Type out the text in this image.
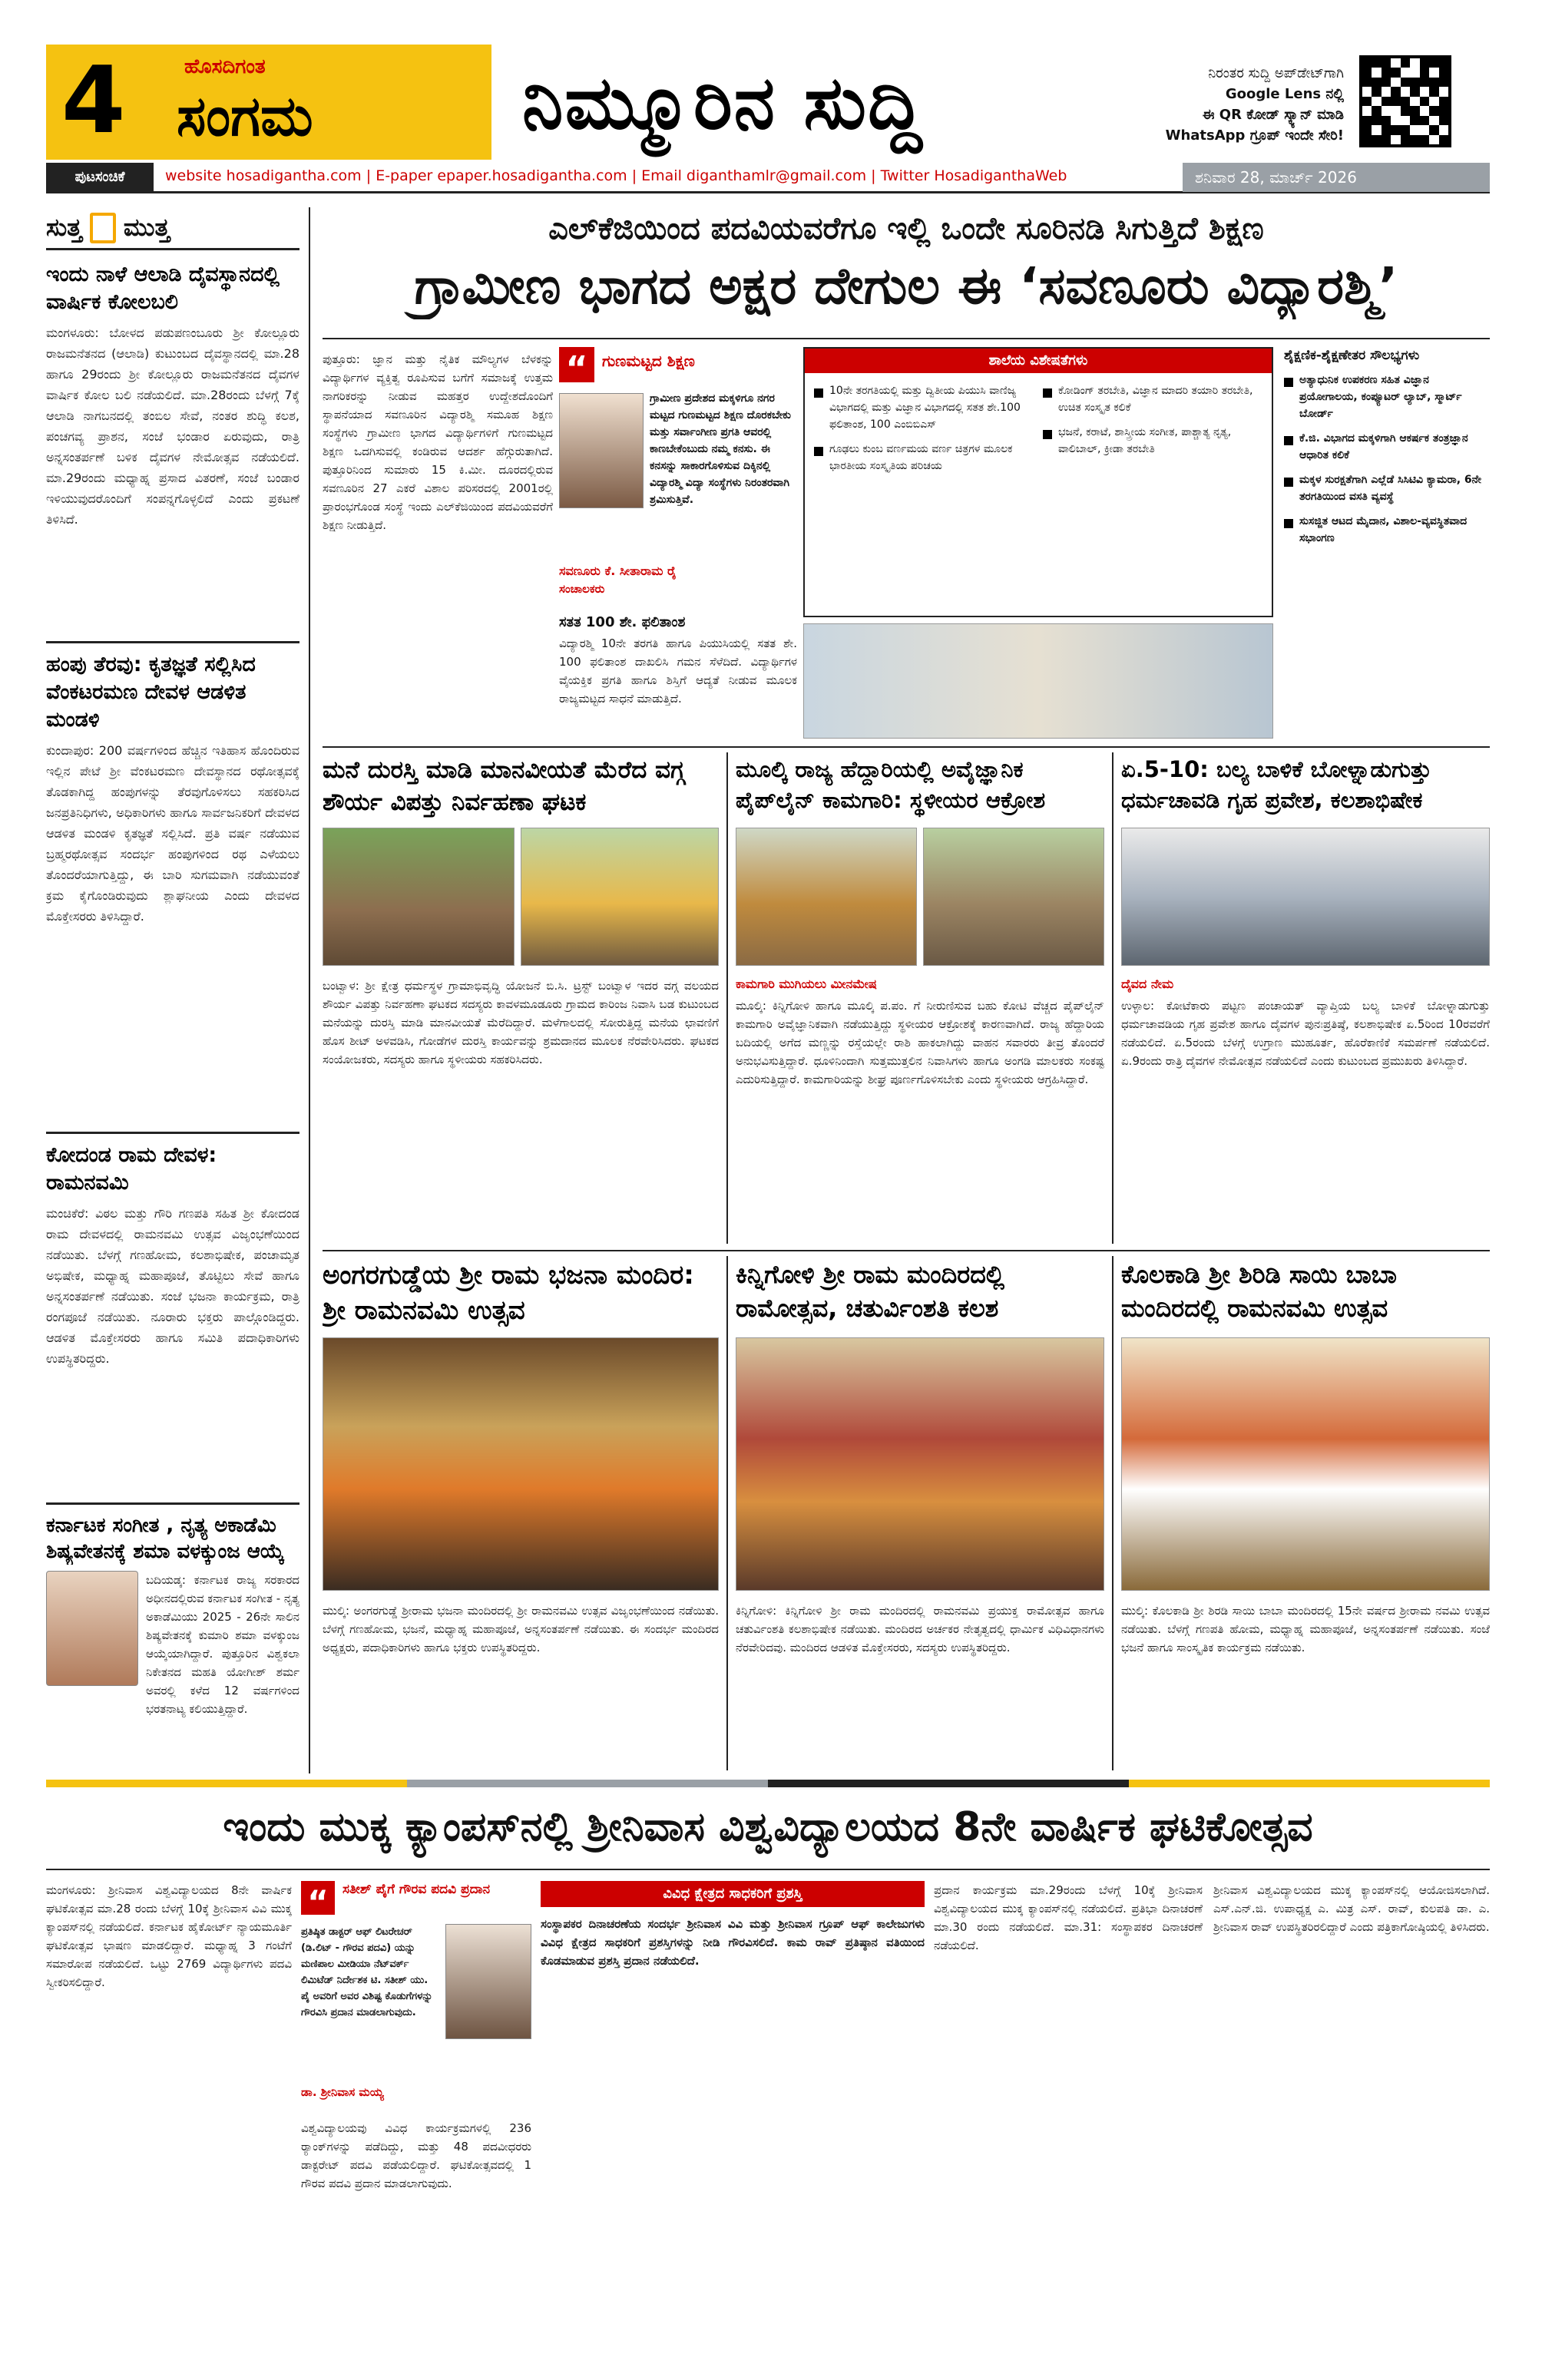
4	ಹೊಸದಿಗಂತ
ಸಂಗಮ	ನಿಮ್ಮೂರಿನ ಸುದ್ದಿ	ನಿರಂತರ ಸುದ್ದಿ ಅಪ್‌ಡೇಟ್‌ಗಾಗಿ
Google Lens ನಲ್ಲಿ
ಈ QR ಕೋಡ್ ಸ್ಕ್ಯಾನ್ ಮಾಡಿ
WhatsApp ಗ್ರೂಪ್ ಇಂದೇ ಸೇರಿ!
ಪುಟಸಂಚಿಕೆ	website hosadigantha.com | E-paper epaper.hosadigantha.com | Email diganthamlr@gmail.com | Twitter HosadiganthaWeb	ಶನಿವಾರ 28, ಮಾರ್ಚ್ 2026
ಸುತ್ತ ಮುತ್ತ
ಇಂದು ನಾಳೆ ಆಲಾಡಿ ದೈವಸ್ಥಾನದಲ್ಲಿ ವಾರ್ಷಿಕ ಕೋಲಬಲಿ
ಮಂಗಳೂರು: ಬೋಳದ ಪಡುಪಣಂಬೂರು ಶ್ರೀ ಕೋಲ್ಲೂರು ರಾಜಮನೆತನದ (ಆಲಾಡಿ) ಕುಟುಂಬದ ದೈವಸ್ಥಾನದಲ್ಲಿ ಮಾ.28 ಹಾಗೂ 29ರಂದು ಶ್ರೀ ಕೋಲ್ಲೂರು ರಾಜಮನೆತನದ ದೈವಗಳ ವಾರ್ಷಿಕ ಕೋಲ ಬಲಿ ನಡೆಯಲಿದೆ. ಮಾ.28ರಂದು ಬೆಳಗ್ಗೆ 7ಕ್ಕೆ ಆಲಾಡಿ ನಾಗಬನದಲ್ಲಿ ತಂಬಿಲ ಸೇವೆ, ನಂತರ ಶುದ್ಧಿ ಕಲಶ, ಪಂಚಗವ್ಯ ಪ್ರಾಶನ, ಸಂಜೆ ಭಂಡಾರ ಏರುವುದು, ರಾತ್ರಿ ಅನ್ನಸಂತರ್ಪಣೆ ಬಳಿಕ ದೈವಗಳ ನೇಮೋತ್ಸವ ನಡೆಯಲಿದೆ. ಮಾ.29ರಂದು ಮಧ್ಯಾಹ್ನ ಪ್ರಸಾದ ವಿತರಣೆ, ಸಂಜೆ ಬಂಡಾರ ಇಳಿಯುವುದರೊಂದಿಗೆ ಸಂಪನ್ನಗೊಳ್ಳಲಿದೆ ಎಂದು ಪ್ರಕಟಣೆ ತಿಳಿಸಿದೆ.
ಹಂಪು ತೆರವು: ಕೃತಜ್ಞತೆ ಸಲ್ಲಿಸಿದ ವೆಂಕಟರಮಣ ದೇವಳ ಆಡಳಿತ ಮಂಡಳಿ
ಕುಂದಾಪುರ: 200 ವರ್ಷಗಳಿಂದ ಹೆಚ್ಚಿನ ಇತಿಹಾಸ ಹೊಂದಿರುವ ಇಲ್ಲಿನ ಪೇಟೆ ಶ್ರೀ ವೆಂಕಟರಮಣ ದೇವಸ್ಥಾನದ ರಥೋತ್ಸವಕ್ಕೆ ತೊಡಕಾಗಿದ್ದ ಹಂಪುಗಳನ್ನು ತೆರವುಗೊಳಿಸಲು ಸಹಕರಿಸಿದ ಜನಪ್ರತಿನಿಧಿಗಳು, ಅಧಿಕಾರಿಗಳು ಹಾಗೂ ಸಾರ್ವಜನಿಕರಿಗೆ ದೇವಳದ ಆಡಳಿತ ಮಂಡಳಿ ಕೃತಜ್ಞತೆ ಸಲ್ಲಿಸಿದೆ. ಪ್ರತಿ ವರ್ಷ ನಡೆಯುವ ಬ್ರಹ್ಮರಥೋತ್ಸವ ಸಂದರ್ಭ ಹಂಪುಗಳಿಂದ ರಥ ಎಳೆಯಲು ತೊಂದರೆಯಾಗುತ್ತಿದ್ದು, ಈ ಬಾರಿ ಸುಗಮವಾಗಿ ನಡೆಯುವಂತೆ ಕ್ರಮ ಕೈಗೊಂಡಿರುವುದು ಶ್ಲಾಘನೀಯ ಎಂದು ದೇವಳದ ಮೊಕ್ತೇಸರರು ತಿಳಿಸಿದ್ದಾರೆ.
ಕೋದಂಡ ರಾಮ ದೇವಳ: ರಾಮನವಮಿ
ಮಂಚಿಕೆರೆ: ವಿಠಲ ಮತ್ತು ಗೌರಿ ಗಣಪತಿ ಸಹಿತ ಶ್ರೀ ಕೋದಂಡ ರಾಮ ದೇವಳದಲ್ಲಿ ರಾಮನವಮಿ ಉತ್ಸವ ವಿಜೃಂಭಣೆಯಿಂದ ನಡೆಯಿತು. ಬೆಳಗ್ಗೆ ಗಣಹೋಮ, ಕಲಶಾಭಿಷೇಕ, ಪಂಚಾಮೃತ ಅಭಿಷೇಕ, ಮಧ್ಯಾಹ್ನ ಮಹಾಪೂಜೆ, ತೊಟ್ಟಿಲು ಸೇವೆ ಹಾಗೂ ಅನ್ನಸಂತರ್ಪಣೆ ನಡೆಯಿತು. ಸಂಜೆ ಭಜನಾ ಕಾರ್ಯಕ್ರಮ, ರಾತ್ರಿ ರಂಗಪೂಜೆ ನಡೆಯಿತು. ನೂರಾರು ಭಕ್ತರು ಪಾಲ್ಗೊಂಡಿದ್ದರು. ಆಡಳಿತ ಮೊಕ್ತೇಸರರು ಹಾಗೂ ಸಮಿತಿ ಪದಾಧಿಕಾರಿಗಳು ಉಪಸ್ಥಿತರಿದ್ದರು.
ಕರ್ನಾಟಕ ಸಂಗೀತ , ನೃತ್ಯ ಅಕಾಡೆಮಿ ಶಿಷ್ಯವೇತನಕ್ಕೆ ಶಮಾ ವಳಕ್ಕುಂಜ ಆಯ್ಕೆ
ಬದಿಯಡ್ಕ: ಕರ್ನಾಟಕ ರಾಜ್ಯ ಸರಕಾರದ ಅಧೀನದಲ್ಲಿರುವ ಕರ್ನಾಟಕ ಸಂಗೀತ - ನೃತ್ಯ ಅಕಾಡೆಮಿಯು 2025 - 26ನೇ ಸಾಲಿನ ಶಿಷ್ಯವೇತನಕ್ಕೆ ಕುಮಾರಿ ಶಮಾ ವಳಕ್ಕುಂಜ ಆಯ್ಕೆಯಾಗಿದ್ದಾರೆ. ಪುತ್ತೂರಿನ ವಿಶ್ವಕಲಾ ನಿಕೇತನದ ಮಹತಿ ಯೋಗೀಶ್ ಶರ್ಮ ಅವರಲ್ಲಿ ಕಳೆದ 12 ವರ್ಷಗಳಿಂದ ಭರತನಾಟ್ಯ ಕಲಿಯುತ್ತಿದ್ದಾರೆ.
ಎಲ್‌ಕೆಜಿಯಿಂದ ಪದವಿಯವರೆಗೂ ಇಲ್ಲಿ ಒಂದೇ ಸೂರಿನಡಿ ಸಿಗುತ್ತಿದೆ ಶಿಕ್ಷಣ
ಗ್ರಾಮೀಣ ಭಾಗದ ಅಕ್ಷರ ದೇಗುಲ ಈ ‘ಸವಣೂರು ವಿದ್ಯಾರಶ್ಮಿ’
ಪುತ್ತೂರು: ಜ್ಞಾನ ಮತ್ತು ನೈತಿಕ ಮೌಲ್ಯಗಳ ಬೆಳಕನ್ನು ವಿದ್ಯಾರ್ಥಿಗಳ ವ್ಯಕ್ತಿತ್ವ ರೂಪಿಸುವ ಬಗೆಗೆ ಸಮಾಜಕ್ಕೆ ಉತ್ತಮ ನಾಗರಿಕರನ್ನು ನೀಡುವ ಮಹತ್ತರ ಉದ್ದೇಶದೊಂದಿಗೆ ಸ್ಥಾಪನೆಯಾದ ಸವಣೂರಿನ ವಿದ್ಯಾರಶ್ಮಿ ಸಮೂಹ ಶಿಕ್ಷಣ ಸಂಸ್ಥೆಗಳು ಗ್ರಾಮೀಣ ಭಾಗದ ವಿದ್ಯಾರ್ಥಿಗಳಿಗೆ ಗುಣಮಟ್ಟದ ಶಿಕ್ಷಣ ಒದಗಿಸುವಲ್ಲಿ ಕಂಡಿರುವ ಆದರ್ಶ ಹೆಗ್ಗುರುತಾಗಿದೆ. ಪುತ್ತೂರಿನಿಂದ ಸುಮಾರು 15 ಕಿ.ಮೀ. ದೂರದಲ್ಲಿರುವ ಸವಣೂರಿನ 27 ಎಕರೆ ವಿಶಾಲ ಪರಿಸರದಲ್ಲಿ 2001ರಲ್ಲಿ ಪ್ರಾರಂಭಗೊಂಡ ಸಂಸ್ಥೆ ಇಂದು ಎಲ್‌ಕೆಜಿಯಿಂದ ಪದವಿಯವರೆಗೆ ಶಿಕ್ಷಣ ನೀಡುತ್ತಿದೆ.
“ ಗುಣಮಟ್ಟದ ಶಿಕ್ಷಣ
ಗ್ರಾಮೀಣ ಪ್ರದೇಶದ ಮಕ್ಕಳಿಗೂ ನಗರ ಮಟ್ಟದ ಗುಣಮಟ್ಟದ ಶಿಕ್ಷಣ ದೊರಕಬೇಕು ಮತ್ತು ಸರ್ವಾಂಗೀಣ ಪ್ರಗತಿ ಆವರಲ್ಲಿ ಕಾಣಬೇಕೆಂಬುದು ನಮ್ಮ ಕನಸು. ಈ ಕನಸನ್ನು ಸಾಕಾರಗೊಳಿಸುವ ದಿಕ್ಕಿನಲ್ಲಿ ವಿದ್ಯಾರಶ್ಮಿ ವಿದ್ಯಾ ಸಂಸ್ಥೆಗಳು ನಿರಂತರವಾಗಿ ಶ್ರಮಿಸುತ್ತಿವೆ.
ಸವಣೂರು ಕೆ. ಸೀತಾರಾಮ ರೈ
ಸಂಚಾಲಕರು
ಸತತ 100 ಶೇ. ಫಲಿತಾಂಶ
ವಿದ್ಯಾರಶ್ಮಿ 10ನೇ ತರಗತಿ ಹಾಗೂ ಪಿಯುಸಿಯಲ್ಲಿ ಸತತ ಶೇ. 100 ಫಲಿತಾಂಶ ದಾಖಲಿಸಿ ಗಮನ ಸೆಳೆದಿದೆ. ವಿದ್ಯಾರ್ಥಿಗಳ ವೈಯಕ್ತಿಕ ಪ್ರಗತಿ ಹಾಗೂ ಶಿಸ್ತಿಗೆ ಆದ್ಯತೆ ನೀಡುವ ಮೂಲಕ ರಾಜ್ಯಮಟ್ಟದ ಸಾಧನೆ ಮಾಡುತ್ತಿದೆ.
ಶಾಲೆಯ ವಿಶೇಷತೆಗಳು
10ನೇ ತರಗತಿಯಲ್ಲಿ ಮತ್ತು ದ್ವಿತೀಯ ಪಿಯುಸಿ ವಾಣಿಜ್ಯ ವಿಭಾಗದಲ್ಲಿ ಮತ್ತು ವಿಜ್ಞಾನ ವಿಭಾಗದಲ್ಲಿ ಸತತ ಶೇ.100 ಫಲಿತಾಂಶ, 100 ಎಂಬಿಬಿಎಸ್
ಗೂಢಲು ಕುಂಬ ವರ್ಣಮಯ ವರ್ಣ ಚಿತ್ರಗಳ ಮೂಲಕ ಭಾರತೀಯ ಸಂಸ್ಕೃತಿಯ ಪರಿಚಯ
ಕೋಡಿಂಗ್ ತರಬೇತಿ, ವಿಜ್ಞಾನ ಮಾದರಿ ತಯಾರಿ ತರಬೇತಿ, ಉಚಿತ ಸಂಸ್ಕೃತ ಕಲಿಕೆ
ಭಜನೆ, ಕರಾಟೆ, ಶಾಸ್ತ್ರೀಯ ಸಂಗೀತ, ಪಾಶ್ಚಾತ್ಯ ನೃತ್ಯ, ವಾಲಿಬಾಲ್, ಕ್ರೀಡಾ ತರಬೇತಿ
ಶೈಕ್ಷಣಿಕ-ಶೈಕ್ಷಣೇತರ ಸೌಲಭ್ಯಗಳು
ಅತ್ಯಾಧುನಿಕ ಉಪಕರಣ ಸಹಿತ ವಿಜ್ಞಾನ ಪ್ರಯೋಗಾಲಯ, ಕಂಪ್ಯೂಟರ್ ಲ್ಯಾಬ್, ಸ್ಮಾರ್ಟ್ ಬೋರ್ಡ್
ಕೆ.ಜಿ. ವಿಭಾಗದ ಮಕ್ಕಳಿಗಾಗಿ ಆಕರ್ಷಕ ತಂತ್ರಜ್ಞಾನ ಆಧಾರಿತ ಕಲಿಕೆ
ಮಕ್ಕಳ ಸುರಕ್ಷತೆಗಾಗಿ ಎಲ್ಲೆಡೆ ಸಿಸಿಟಿವಿ ಕ್ಯಾಮರಾ, 6ನೇ ತರಗತಿಯಿಂದ ವಸತಿ ವ್ಯವಸ್ಥೆ
ಸುಸಜ್ಜಿತ ಆಟದ ಮೈದಾನ, ವಿಶಾಲ-ವ್ಯವಸ್ಥಿತವಾದ ಸಭಾಂಗಣ
ಮನೆ ದುರಸ್ತಿ ಮಾಡಿ ಮಾನವೀಯತೆ ಮೆರೆದ ವಗ್ಗ ಶೌರ್ಯ ವಿಪತ್ತು ನಿರ್ವಹಣಾ ಘಟಕ
ಬಂಟ್ವಾಳ: ಶ್ರೀ ಕ್ಷೇತ್ರ ಧರ್ಮಸ್ಥಳ ಗ್ರಾಮಾಭಿವೃದ್ಧಿ ಯೋಜನೆ ಬಿ.ಸಿ. ಟ್ರಸ್ಟ್ ಬಂಟ್ವಾಳ ಇದರ ವಗ್ಗ ವಲಯದ ಶೌರ್ಯ ವಿಪತ್ತು ನಿರ್ವಹಣಾ ಘಟಕದ ಸದಸ್ಯರು ಕಾವಳಮೂಡೂರು ಗ್ರಾಮದ ಕಾರಿಂಜ ನಿವಾಸಿ ಬಡ ಕುಟುಂಬದ ಮನೆಯನ್ನು ದುರಸ್ತಿ ಮಾಡಿ ಮಾನವೀಯತೆ ಮೆರೆದಿದ್ದಾರೆ. ಮಳೆಗಾಲದಲ್ಲಿ ಸೋರುತ್ತಿದ್ದ ಮನೆಯ ಛಾವಣಿಗೆ ಹೊಸ ಶೀಟ್ ಅಳವಡಿಸಿ, ಗೋಡೆಗಳ ದುರಸ್ತಿ ಕಾರ್ಯವನ್ನು ಶ್ರಮದಾನದ ಮೂಲಕ ನೆರವೇರಿಸಿದರು. ಘಟಕದ ಸಂಯೋಜಕರು, ಸದಸ್ಯರು ಹಾಗೂ ಸ್ಥಳೀಯರು ಸಹಕರಿಸಿದರು.
ಮೂಲ್ಕಿ ರಾಜ್ಯ ಹೆದ್ದಾರಿಯಲ್ಲಿ ಅವೈಜ್ಞಾನಿಕ ಪೈಪ್‌ಲೈನ್ ಕಾಮಗಾರಿ: ಸ್ಥಳೀಯರ ಆಕ್ರೋಶ
ಕಾಮಗಾರಿ ಮುಗಿಯಲು ಮೀನಮೇಷ
ಮೂಲ್ಕಿ: ಕಿನ್ನಿಗೋಳಿ ಹಾಗೂ ಮೂಲ್ಕಿ ಪ.ಪಂ. ಗೆ ನೀರುಣಿಸುವ ಬಹು ಕೋಟಿ ವೆಚ್ಚದ ಪೈಪ್‌ಲೈನ್ ಕಾಮಗಾರಿ ಅವೈಜ್ಞಾನಿಕವಾಗಿ ನಡೆಯುತ್ತಿದ್ದು ಸ್ಥಳೀಯರ ಆಕ್ರೋಶಕ್ಕೆ ಕಾರಣವಾಗಿದೆ. ರಾಜ್ಯ ಹೆದ್ದಾರಿಯ ಬದಿಯಲ್ಲಿ ಅಗೆದ ಮಣ್ಣನ್ನು ರಸ್ತೆಯಲ್ಲೇ ರಾಶಿ ಹಾಕಲಾಗಿದ್ದು ವಾಹನ ಸವಾರರು ತೀವ್ರ ತೊಂದರೆ ಅನುಭವಿಸುತ್ತಿದ್ದಾರೆ. ಧೂಳಿನಿಂದಾಗಿ ಸುತ್ತಮುತ್ತಲಿನ ನಿವಾಸಿಗಳು ಹಾಗೂ ಅಂಗಡಿ ಮಾಲಕರು ಸಂಕಷ್ಟ ಎದುರಿಸುತ್ತಿದ್ದಾರೆ. ಕಾಮಗಾರಿಯನ್ನು ಶೀಘ್ರ ಪೂರ್ಣಗೊಳಿಸಬೇಕು ಎಂದು ಸ್ಥಳೀಯರು ಆಗ್ರಹಿಸಿದ್ದಾರೆ.
ಏ.5-10: ಬಲ್ಯ ಬಾಳಿಕೆ ಬೋಳ್ನಾಡುಗುತ್ತು ಧರ್ಮಚಾವಡಿ ಗೃಹ ಪ್ರವೇಶ, ಕಲಶಾಭಿಷೇಕ
ದೈವದ ನೇಮ
ಉಳ್ಳಾಲ: ಕೋಟೆಕಾರು ಪಟ್ಟಣ ಪಂಚಾಯತ್ ವ್ಯಾಪ್ತಿಯ ಬಲ್ಯ ಬಾಳಿಕೆ ಬೋಳ್ನಾಡುಗುತ್ತು ಧರ್ಮಚಾವಡಿಯ ಗೃಹ ಪ್ರವೇಶ ಹಾಗೂ ದೈವಗಳ ಪುನಃಪ್ರತಿಷ್ಠೆ, ಕಲಶಾಭಿಷೇಕ ಏ.5ರಿಂದ 10ರವರೆಗೆ ನಡೆಯಲಿದೆ. ಏ.5ರಂದು ಬೆಳಗ್ಗೆ ಉಗ್ರಾಣ ಮುಹೂರ್ತ, ಹೊರೆಕಾಣಿಕೆ ಸಮರ್ಪಣೆ ನಡೆಯಲಿದೆ. ಏ.9ರಂದು ರಾತ್ರಿ ದೈವಗಳ ನೇಮೋತ್ಸವ ನಡೆಯಲಿದೆ ಎಂದು ಕುಟುಂಬದ ಪ್ರಮುಖರು ತಿಳಿಸಿದ್ದಾರೆ.
ಅಂಗರಗುಡ್ಡೆಯ ಶ್ರೀ ರಾಮ ಭಜನಾ ಮಂದಿರ: ಶ್ರೀ ರಾಮನವಮಿ ಉತ್ಸವ
ಮುಲ್ಕಿ: ಅಂಗರಗುಡ್ಡೆ ಶ್ರೀರಾಮ ಭಜನಾ ಮಂದಿರದಲ್ಲಿ ಶ್ರೀ ರಾಮನವಮಿ ಉತ್ಸವ ವಿಜೃಂಭಣೆಯಿಂದ ನಡೆಯಿತು. ಬೆಳಗ್ಗೆ ಗಣಹೋಮ, ಭಜನೆ, ಮಧ್ಯಾಹ್ನ ಮಹಾಪೂಜೆ, ಅನ್ನಸಂತರ್ಪಣೆ ನಡೆಯಿತು. ಈ ಸಂದರ್ಭ ಮಂದಿರದ ಅಧ್ಯಕ್ಷರು, ಪದಾಧಿಕಾರಿಗಳು ಹಾಗೂ ಭಕ್ತರು ಉಪಸ್ಥಿತರಿದ್ದರು.
ಕಿನ್ನಿಗೋಳಿ ಶ್ರೀ ರಾಮ ಮಂದಿರದಲ್ಲಿ ರಾಮೋತ್ಸವ, ಚತುರ್ವಿಂಶತಿ ಕಲಶ
ಕಿನ್ನಿಗೋಳಿ: ಕಿನ್ನಿಗೋಳಿ ಶ್ರೀ ರಾಮ ಮಂದಿರದಲ್ಲಿ ರಾಮನವಮಿ ಪ್ರಯುಕ್ತ ರಾಮೋತ್ಸವ ಹಾಗೂ ಚತುರ್ವಿಂಶತಿ ಕಲಶಾಭಿಷೇಕ ನಡೆಯಿತು. ಮಂದಿರದ ಅರ್ಚಕರ ನೇತೃತ್ವದಲ್ಲಿ ಧಾರ್ಮಿಕ ವಿಧಿವಿಧಾನಗಳು ನೆರವೇರಿದವು. ಮಂದಿರದ ಆಡಳಿತ ಮೊಕ್ತೇಸರರು, ಸದಸ್ಯರು ಉಪಸ್ಥಿತರಿದ್ದರು.
ಕೊಲಕಾಡಿ ಶ್ರೀ ಶಿರಿಡಿ ಸಾಯಿ ಬಾಬಾ ಮಂದಿರದಲ್ಲಿ ರಾಮನವಮಿ ಉತ್ಸವ
ಮುಲ್ಕಿ: ಕೊಲಕಾಡಿ ಶ್ರೀ ಶಿರಡಿ ಸಾಯಿ ಬಾಬಾ ಮಂದಿರದಲ್ಲಿ 15ನೇ ವರ್ಷದ ಶ್ರೀರಾಮ ನವಮಿ ಉತ್ಸವ ನಡೆಯಿತು. ಬೆಳಗ್ಗೆ ಗಣಪತಿ ಹೋಮ, ಮಧ್ಯಾಹ್ನ ಮಹಾಪೂಜೆ, ಅನ್ನಸಂತರ್ಪಣೆ ನಡೆಯಿತು. ಸಂಜೆ ಭಜನೆ ಹಾಗೂ ಸಾಂಸ್ಕೃತಿಕ ಕಾರ್ಯಕ್ರಮ ನಡೆಯಿತು.
ಇಂದು ಮುಕ್ಕ ಕ್ಯಾಂಪಸ್‌ನಲ್ಲಿ ಶ್ರೀನಿವಾಸ ವಿಶ್ವವಿದ್ಯಾಲಯದ 8ನೇ ವಾರ್ಷಿಕ ಘಟಿಕೋತ್ಸವ
ಮಂಗಳೂರು: ಶ್ರೀನಿವಾಸ ವಿಶ್ವವಿದ್ಯಾಲಯದ 8ನೇ ವಾರ್ಷಿಕ ಘಟಿಕೋತ್ಸವ ಮಾ.28 ರಂದು ಬೆಳಗ್ಗೆ 10ಕ್ಕೆ ಶ್ರೀನಿವಾಸ ವಿವಿ ಮುಕ್ಕ ಕ್ಯಾಂಪಸ್‌ನಲ್ಲಿ ನಡೆಯಲಿದೆ. ಕರ್ನಾಟಕ ಹೈಕೋರ್ಟ್ ನ್ಯಾಯಮೂರ್ತಿ ಘಟಿಕೋತ್ಸವ ಭಾಷಣ ಮಾಡಲಿದ್ದಾರೆ. ಮಧ್ಯಾಹ್ನ 3 ಗಂಟೆಗೆ ಸಮಾರೋಪ ನಡೆಯಲಿದೆ. ಒಟ್ಟು 2769 ವಿದ್ಯಾರ್ಥಿಗಳು ಪದವಿ ಸ್ವೀಕರಿಸಲಿದ್ದಾರೆ.
“	ಸತೀಶ್ ಪೈಗೆ ಗೌರವ ಪದವಿ ಪ್ರದಾನ
ಪ್ರತಿಷ್ಠಿತ ಡಾಕ್ಟರ್ ಆಫ್ ಲಿಟರೇಚರ್ (ಡಿ.ಲಿಟ್ - ಗೌರವ ಪದವಿ) ಯನ್ನು ಮಣಿಪಾಲ ಮೀಡಿಯಾ ನೆಟ್‌ವರ್ಕ್ ಲಿಮಿಟೆಡ್ ನಿರ್ದೇಶಕ ಟಿ. ಸತೀಶ್ ಯು. ಪೈ ಅವರಿಗೆ ಅವರ ವಿಶಿಷ್ಟ ಕೊಡುಗೆಗಳನ್ನು ಗೌರವಿಸಿ ಪ್ರದಾನ ಮಾಡಲಾಗುವುದು.
ಡಾ. ಶ್ರೀನಿವಾಸ ಮಯ್ಯ
ವಿಶ್ವವಿದ್ಯಾಲಯವು ವಿವಿಧ ಕಾರ್ಯಕ್ರಮಗಳಲ್ಲಿ 236 ರ್‍ಯಾಂಕ್‌ಗಳನ್ನು ಪಡೆದಿದ್ದು, ಮತ್ತು 48 ಪದವೀಧರರು ಡಾಕ್ಟರೇಟ್ ಪದವಿ ಪಡೆಯಲಿದ್ದಾರೆ. ಘಟಿಕೋತ್ಸವದಲ್ಲಿ 1 ಗೌರವ ಪದವಿ ಪ್ರದಾನ ಮಾಡಲಾಗುವುದು.
ವಿವಿಧ ಕ್ಷೇತ್ರದ ಸಾಧಕರಿಗೆ ಪ್ರಶಸ್ತಿ
ಸಂಸ್ಥಾಪಕರ ದಿನಾಚರಣೆಯ ಸಂದರ್ಭ ಶ್ರೀನಿವಾಸ ವಿವಿ ಮತ್ತು ಶ್ರೀನಿವಾಸ ಗ್ರೂಪ್ ಆಫ್ ಕಾಲೇಜುಗಳು ವಿವಿಧ ಕ್ಷೇತ್ರದ ಸಾಧಕರಿಗೆ ಪ್ರಶಸ್ತಿಗಳನ್ನು ನೀಡಿ ಗೌರವಿಸಲಿದೆ. ಕಾಮ ರಾವ್ ಪ್ರತಿಷ್ಠಾನ ವತಿಯಿಂದ ಕೊಡಮಾಡುವ ಪ್ರಶಸ್ತಿ ಪ್ರದಾನ ನಡೆಯಲಿದೆ.
ಪ್ರದಾನ ಕಾರ್ಯಕ್ರಮ ಮಾ.29ರಂದು ಬೆಳಗ್ಗೆ 10ಕ್ಕೆ ಶ್ರೀನಿವಾಸ ವಿಶ್ವವಿದ್ಯಾಲಯದ ಮುಕ್ಕ ಕ್ಯಾಂಪಸ್‌ನಲ್ಲಿ ನಡೆಯಲಿದೆ. ಪ್ರತಿಭಾ ದಿನಾಚರಣೆ ಮಾ.30 ರಂದು ನಡೆಯಲಿದೆ. ಮಾ.31: ಸಂಸ್ಥಾಪಕರ ದಿನಾಚರಣೆ ನಡೆಯಲಿದೆ.
ಶ್ರೀನಿವಾಸ ವಿಶ್ವವಿದ್ಯಾಲಯದ ಮುಕ್ಕ ಕ್ಯಾಂಪಸ್‌ನಲ್ಲಿ ಆಯೋಜಿಸಲಾಗಿದೆ. ಎಸ್.ಎನ್.ಜಿ. ಉಪಾಧ್ಯಕ್ಷ ಎ. ಮಿತ್ರ ಎಸ್. ರಾವ್, ಕುಲಪತಿ ಡಾ. ಎ. ಶ್ರೀನಿವಾಸ ರಾವ್ ಉಪಸ್ಥಿತರಿರಲಿದ್ದಾರೆ ಎಂದು ಪತ್ರಿಕಾಗೋಷ್ಠಿಯಲ್ಲಿ ತಿಳಿಸಿದರು.
